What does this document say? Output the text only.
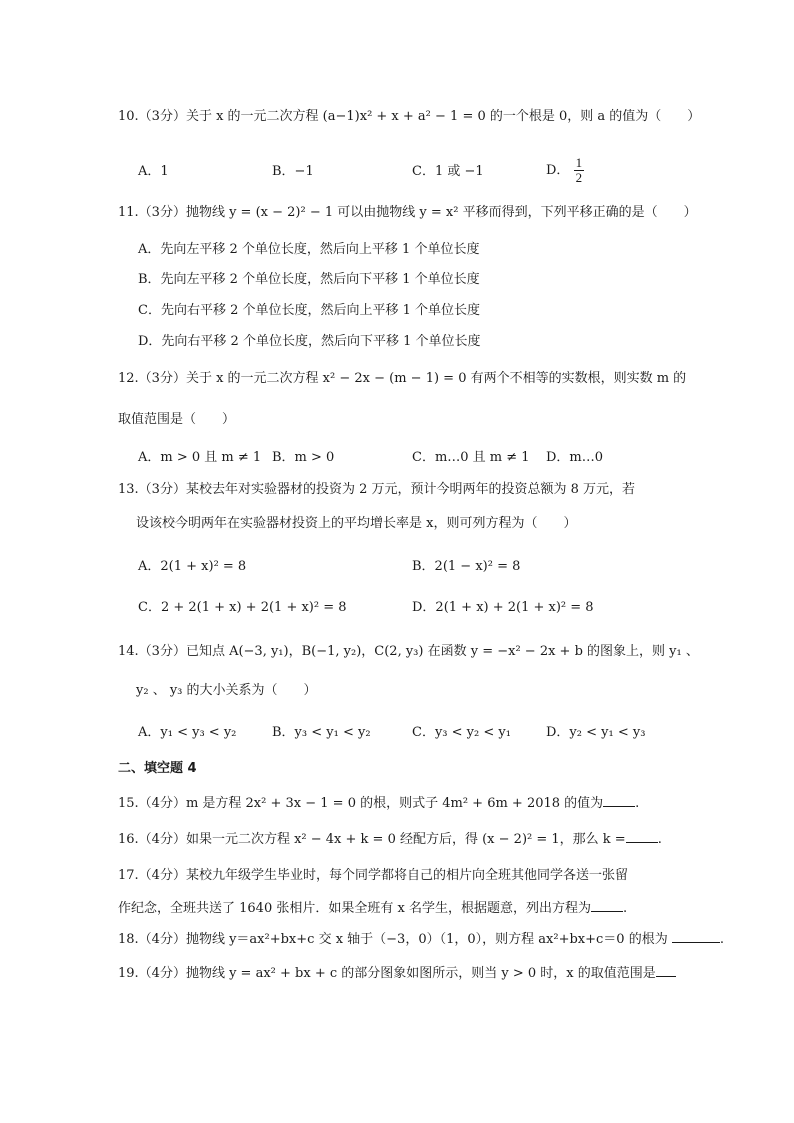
10.（3分）关于 x 的一元二次方程 (a−1)x² + x + a² − 1 = 0 的一个根是 0，则 a 的值为（　　）
A．1	B．−1	C．1 或 −1	D． $\frac{1}{2}$
11.（3分）抛物线 y = (x − 2)² − 1 可以由抛物线 y = x² 平移而得到，下列平移正确的是（　　）
A．先向左平移 2 个单位长度，然后向上平移 1 个单位长度
B．先向左平移 2 个单位长度，然后向下平移 1 个单位长度
C．先向右平移 2 个单位长度，然后向上平移 1 个单位长度
D．先向右平移 2 个单位长度，然后向下平移 1 个单位长度
12.（3分）关于 x 的一元二次方程 x² − 2x − (m − 1) = 0 有两个不相等的实数根，则实数 m 的
取值范围是（　　）
A．m > 0 且 m ≠ 1 B．m > 0	C．m…0 且 m ≠ 1 D．m…0
13.（3分）某校去年对实验器材的投资为 2 万元，预计今明两年的投资总额为 8 万元，若
设该校今明两年在实验器材投资上的平均增长率是 x，则可列方程为（　　）
A．2(1 + x)² = 8	B．2(1 − x)² = 8
C．2 + 2(1 + x) + 2(1 + x)² = 8	D．2(1 + x) + 2(1 + x)² = 8
14.（3分）已知点 A(−3, y₁)，B(−1, y₂)，C(2, y₃) 在函数 y = −x² − 2x + b 的图象上，则 y₁ 、
y₂ 、 y₃ 的大小关系为（　　）
A．y₁ < y₃ < y₂	B．y₃ < y₁ < y₂	C．y₃ < y₂ < y₁	D．y₂ < y₁ < y₃
二、填空题 4
15.（4分）m 是方程 2x² + 3x − 1 = 0 的根，则式子 4m² + 6m + 2018 的值为 .
16.（4分）如果一元二次方程 x² − 4x + k = 0 经配方后，得 (x − 2)² = 1，那么 k = .
17.（4分）某校九年级学生毕业时，每个同学都将自己的相片向全班其他同学各送一张留
作纪念，全班共送了 1640 张相片．如果全班有 x 名学生，根据题意，列出方程为 .
18.（4分）抛物线 y＝ax²+bx+c 交 x 轴于（−3，0）（1，0），则方程 ax²+bx+c＝0 的根为	.
19.（4分）抛物线 y = ax² + bx + c 的部分图象如图所示，则当 y > 0 时，x 的取值范围是
